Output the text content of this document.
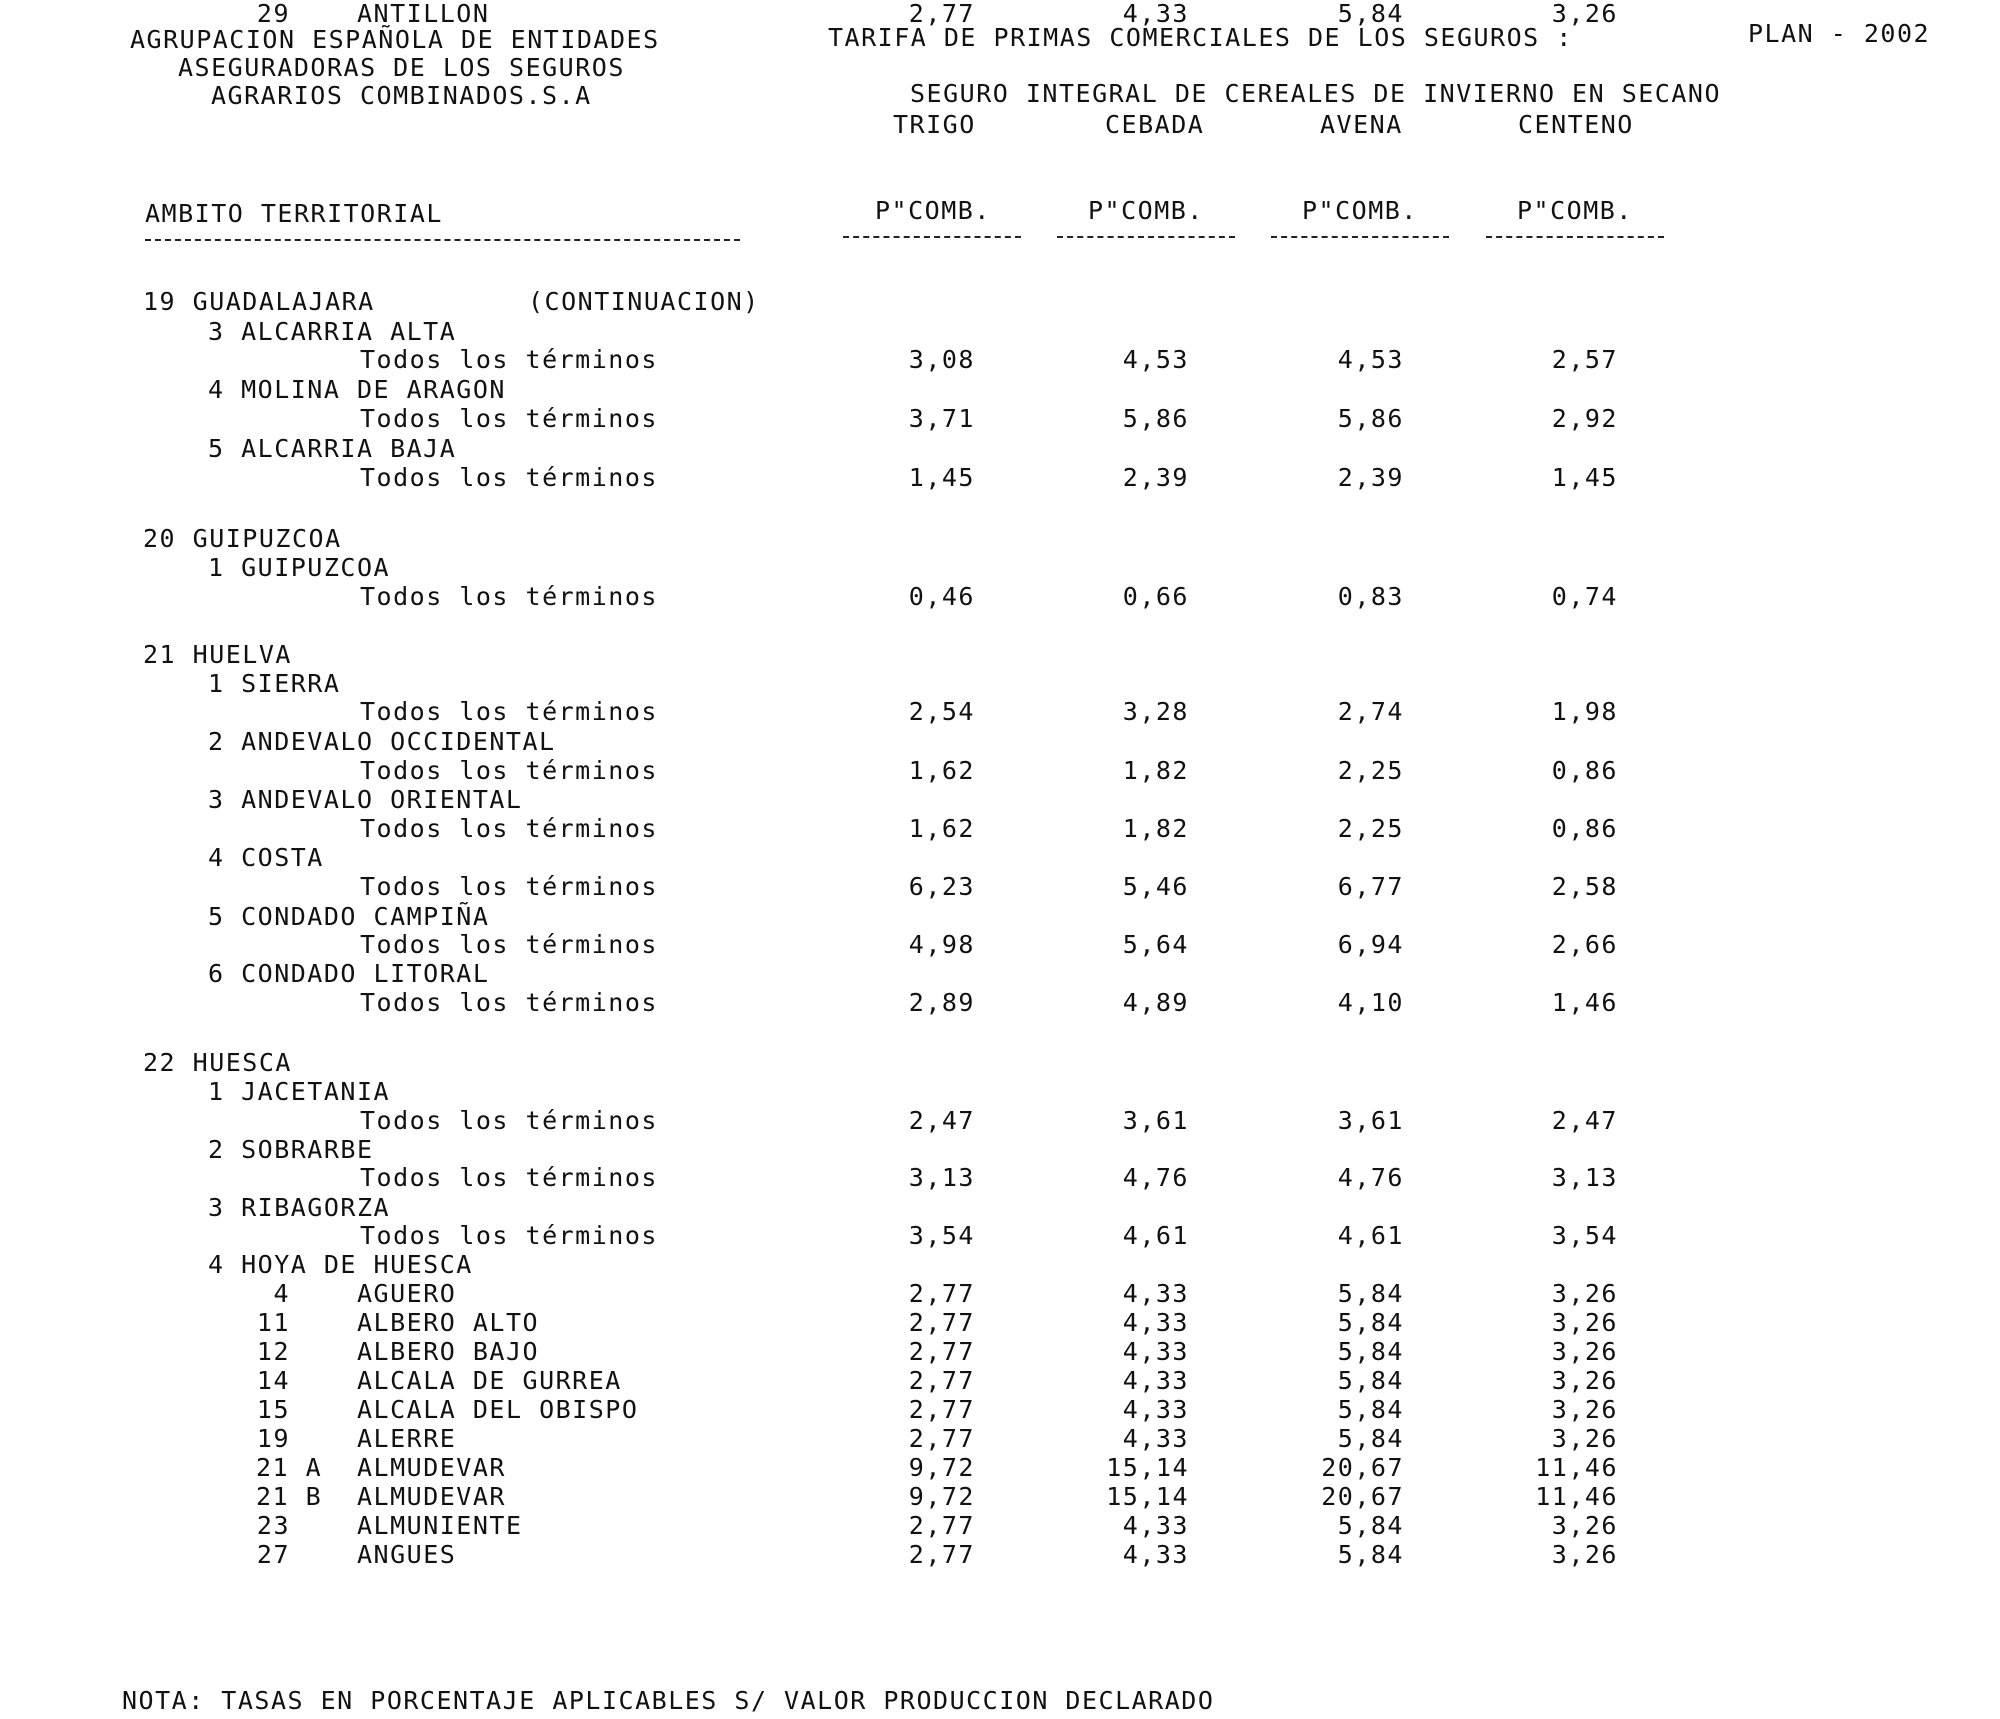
AGRUPACION ESPAÑOLA DE ENTIDADES
ASEGURADORAS DE LOS SEGUROS
AGRARIOS COMBINADOS.S.A
TARIFA DE PRIMAS COMERCIALES DE LOS SEGUROS :	PLAN - 2002
SEGURO INTEGRAL DE CEREALES DE INVIERNO EN SECANO
TRIGO	CEBADA	AVENA	CENTENO
AMBITO TERRITORIAL	P"COMB.	P"COMB.	P"COMB.	P"COMB.
19 GUADALAJARA	(CONTINUACION)
3 ALCARRIA ALTA
Todos los términos	3,08	4,53	4,53	2,57
4 MOLINA DE ARAGON
Todos los términos	3,71	5,86	5,86	2,92
5 ALCARRIA BAJA
Todos los términos	1,45	2,39	2,39	1,45
20 GUIPUZCOA
1 GUIPUZCOA
Todos los términos	0,46	0,66	0,83	0,74
21 HUELVA
1 SIERRA
Todos los términos	2,54	3,28	2,74	1,98
2 ANDEVALO OCCIDENTAL
Todos los términos	1,62	1,82	2,25	0,86
3 ANDEVALO ORIENTAL
Todos los términos	1,62	1,82	2,25	0,86
4 COSTA
Todos los términos	6,23	5,46	6,77	2,58
5 CONDADO CAMPIÑA
Todos los términos	4,98	5,64	6,94	2,66
6 CONDADO LITORAL
Todos los términos	2,89	4,89	4,10	1,46
22 HUESCA
1 JACETANIA
Todos los términos	2,47	3,61	3,61	2,47
2 SOBRARBE
Todos los términos	3,13	4,76	4,76	3,13
3 RIBAGORZA
Todos los términos	3,54	4,61	4,61	3,54
4 HOYA DE HUESCA
4	AGUERO	2,77	4,33	5,84	3,26
11	ALBERO ALTO	2,77	4,33	5,84	3,26
12	ALBERO BAJO	2,77	4,33	5,84	3,26
14	ALCALA DE GURREA	2,77	4,33	5,84	3,26
15	ALCALA DEL OBISPO	2,77	4,33	5,84	3,26
19	ALERRE	2,77	4,33	5,84	3,26
21 A	ALMUDEVAR	9,72	15,14	20,67	11,46
21 B	ALMUDEVAR	9,72	15,14	20,67	11,46
23	ALMUNIENTE	2,77	4,33	5,84	3,26
27	ANGUES	2,77	4,33	5,84	3,26
29	ANTILLON	2,77	4,33	5,84	3,26
NOTA: TASAS EN PORCENTAJE APLICABLES S/ VALOR PRODUCCION DECLARADO
